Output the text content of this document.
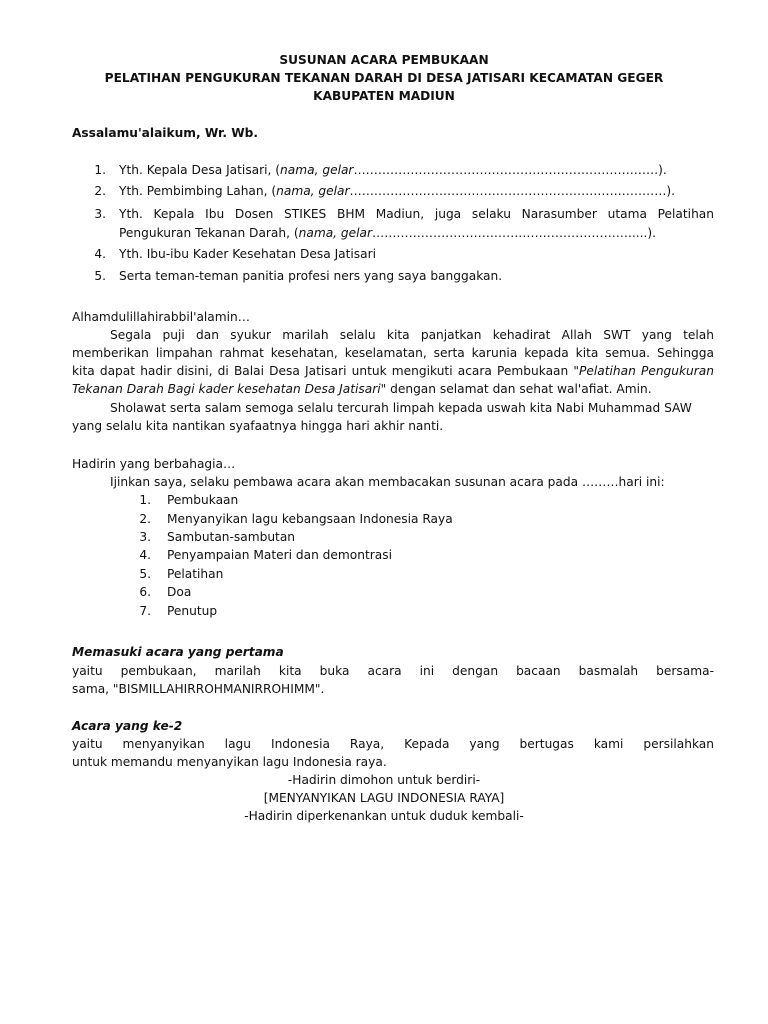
SUSUNAN ACARA PEMBUKAAN
PELATIHAN PENGUKURAN TEKANAN DARAH DI DESA JATISARI KECAMATAN GEGER
KABUPATEN MADIUN
Assalamu'alaikum, Wr. Wb.
1. Yth. Kepala Desa Jatisari, (nama, gelar…………………………………………………………………).
2. Yth. Pembimbing Lahan, (nama, gelar……………………………………………………………………).
3. Yth. Kepala Ibu Dosen STIKES BHM Madiun, juga selaku Narasumber utama Pelatihan
Pengukuran Tekanan Darah, (nama, gelar……………………………………………………….....).
4. Yth. Ibu-ibu Kader Kesehatan Desa Jatisari
5. Serta teman-teman panitia profesi ners yang saya banggakan.
Alhamdulillahirabbil'alamin…
Segala puji dan syukur marilah selalu kita panjatkan kehadirat Allah SWT yang telah
memberikan limpahan rahmat kesehatan, keselamatan, serta karunia kepada kita semua. Sehingga
kita dapat hadir disini, di Balai Desa Jatisari untuk mengikuti acara Pembukaan "Pelatihan Pengukuran
Tekanan Darah Bagi kader kesehatan Desa Jatisari" dengan selamat dan sehat wal'afiat. Amin.
Sholawat serta salam semoga selalu tercurah limpah kepada uswah kita Nabi Muhammad SAW
yang selalu kita nantikan syafaatnya hingga hari akhir nanti.
Hadirin yang berbahagia…
Ijinkan saya, selaku pembawa acara akan membacakan susunan acara pada ………hari ini:
1. Pembukaan
2. Menyanyikan lagu kebangsaan Indonesia Raya
3. Sambutan-sambutan
4. Penyampaian Materi dan demontrasi
5. Pelatihan
6. Doa
7. Penutup
Memasuki acara yang pertama
yaitu pembukaan, marilah kita buka acara ini dengan bacaan basmalah bersama-
sama, "BISMILLAHIRROHMANIRROHIMM".
Acara yang ke-2
yaitu menyanyikan lagu Indonesia Raya, Kepada yang bertugas kami persilahkan
untuk memandu menyanyikan lagu Indonesia raya.
-Hadirin dimohon untuk berdiri-
[MENYANYIKAN LAGU INDONESIA RAYA]
-Hadirin diperkenankan untuk duduk kembali-
